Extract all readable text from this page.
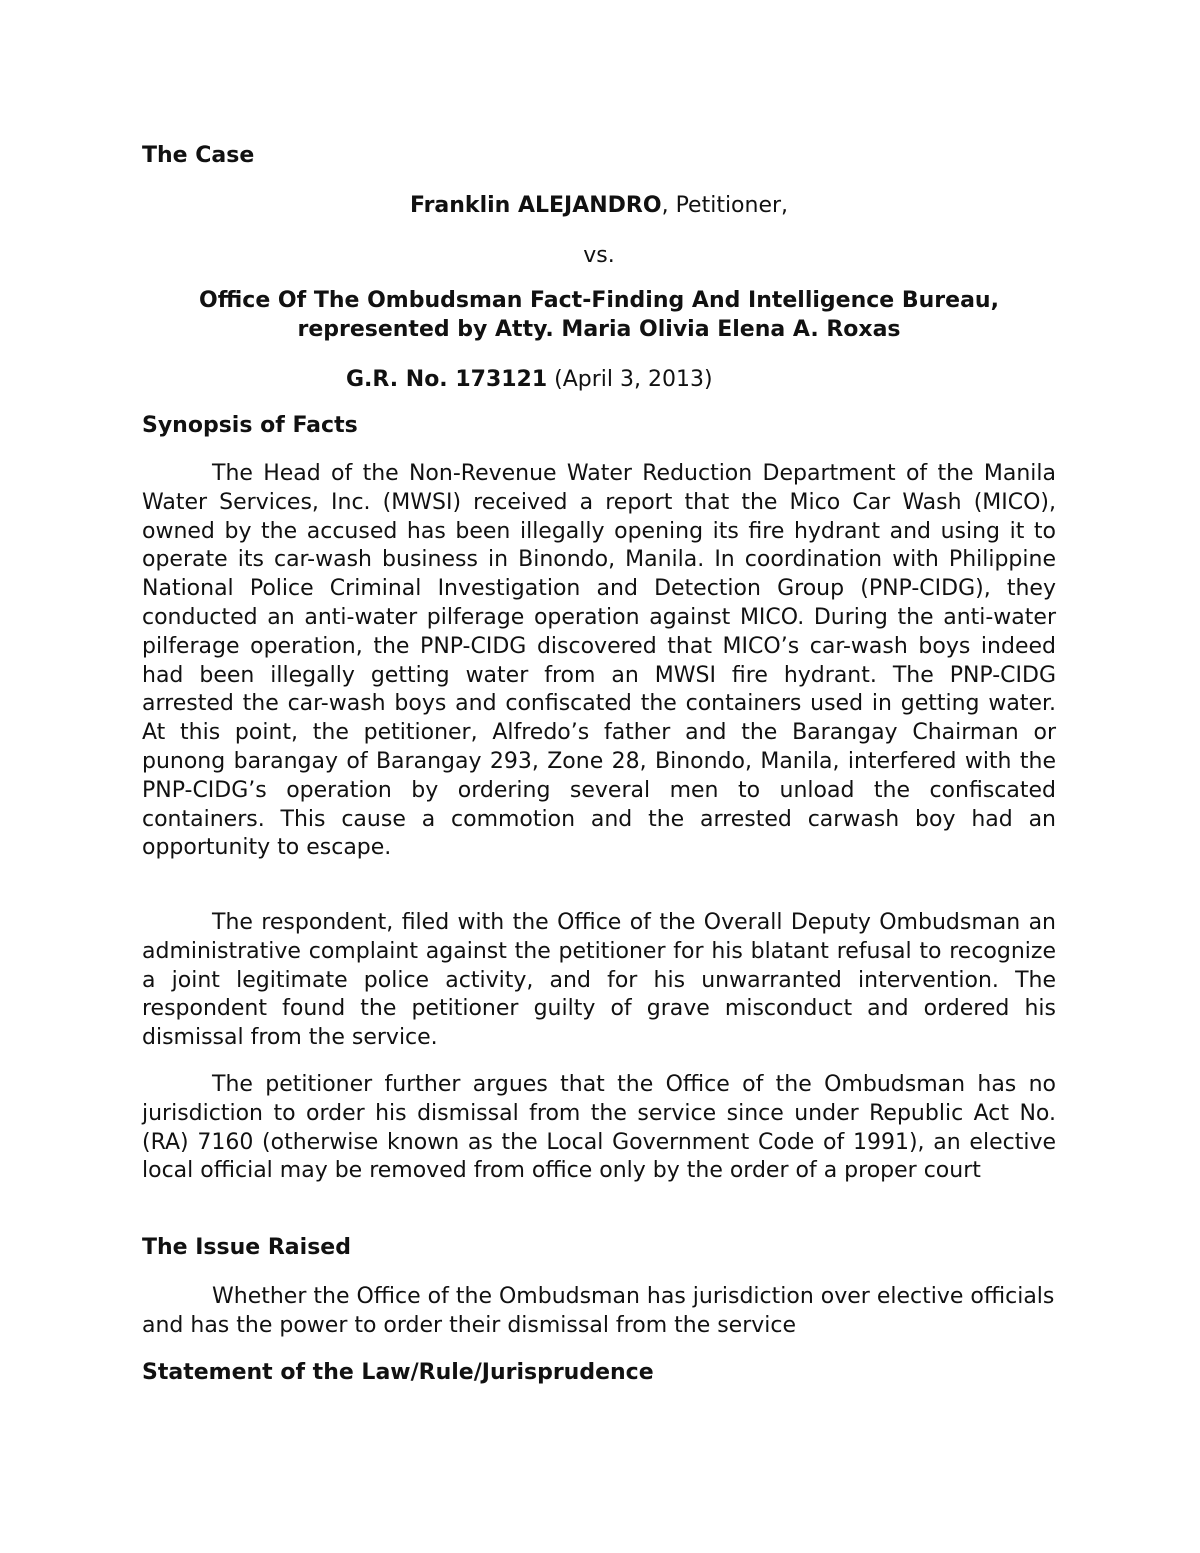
The Case

Franklin ALEJANDRO, Petitioner,

vs.

Office Of The Ombudsman Fact-Finding And Intelligence Bureau,

represented by Atty. Maria Olivia Elena A. Roxas

G.R. No. 173121 (April 3, 2013)

Synopsis of Facts

The Head of the Non-Revenue Water Reduction Department of the Manila Water Services, Inc. (MWSI) received a report that the Mico Car Wash (MICO), owned by the accused has been illegally opening its fire hydrant and using it to operate its car-wash business in Binondo, Manila. In coordination with Philippine National Police Criminal Investigation and Detection Group (PNP-CIDG), they conducted an anti-water pilferage operation against MICO. During the anti-water pilferage operation, the PNP-CIDG discovered that MICO’s car-wash boys indeed had been illegally getting water from an MWSI fire hydrant. The PNP-CIDG arrested the car-wash boys and confiscated the containers used in getting water. At this point, the petitioner, Alfredo’s father and the Barangay Chairman or punong barangay of Barangay 293, Zone 28, Binondo, Manila, interfered with the PNP-CIDG’s operation by ordering several men to unload the confiscated containers. This cause a commotion and the arrested carwash boy had an opportunity to escape.

The respondent, filed with the Office of the Overall Deputy Ombudsman an administrative complaint against the petitioner for his blatant refusal to recognize a joint legitimate police activity, and for his unwarranted intervention. The respondent found the petitioner guilty of grave misconduct and ordered his dismissal from the service.

The petitioner further argues that the Office of the Ombudsman has no jurisdiction to order his dismissal from the service since under Republic Act No. (RA) 7160 (otherwise known as the Local Government Code of 1991), an elective local official may be removed from office only by the order of a proper court

The Issue Raised

Whether the Office of the Ombudsman has jurisdiction over elective officials and has the power to order their dismissal from the service

Statement of the Law/Rule/Jurisprudence
